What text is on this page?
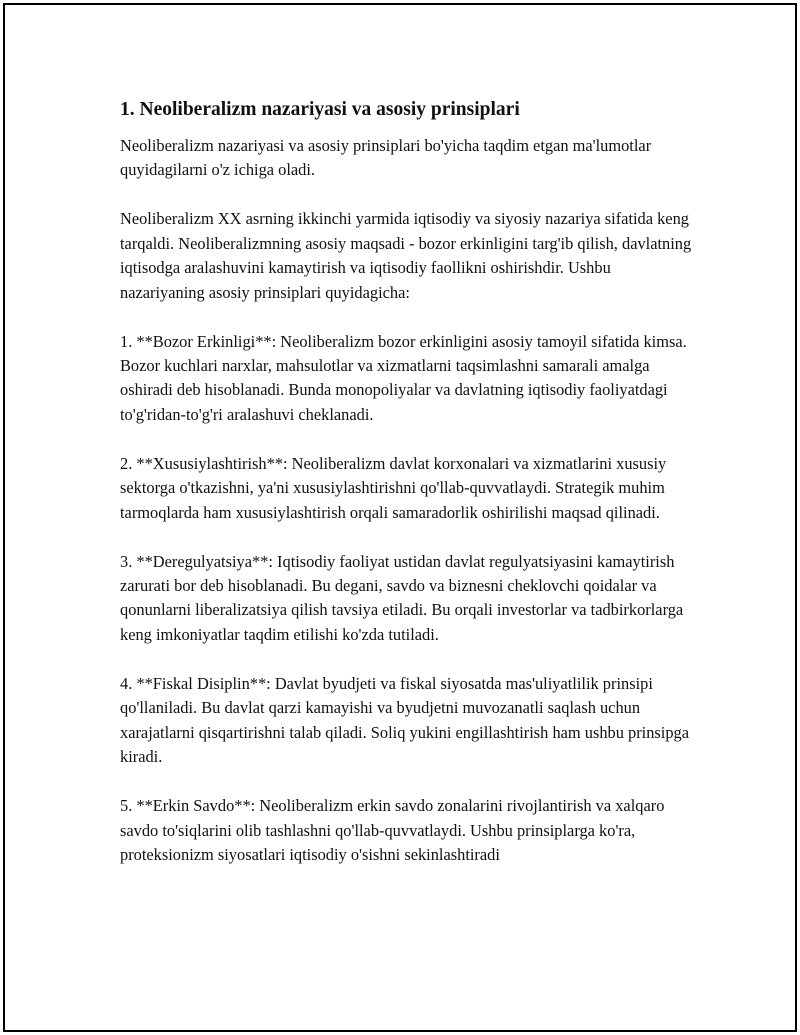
1. Neoliberalizm nazariyasi va asosiy prinsiplari

Neoliberalizm nazariyasi va asosiy prinsiplari bo'yicha taqdim etgan ma'lumotlar quyidagilarni o'z ichiga oladi.

Neoliberalizm XX asrning ikkinchi yarmida iqtisodiy va siyosiy nazariya sifatida keng tarqaldi. Neoliberalizmning asosiy maqsadi - bozor erkinligini targ'ib qilish, davlatning iqtisodga aralashuvini kamaytirish va iqtisodiy faollikni oshirishdir. Ushbu nazariyaning asosiy prinsiplari quyidagicha:

1. **Bozor Erkinligi**: Neoliberalizm bozor erkinligini asosiy tamoyil sifatida kimsa. Bozor kuchlari narxlar, mahsulotlar va xizmatlarni taqsimlashni samarali amalga oshiradi deb hisoblanadi. Bunda monopoliyalar va davlatning iqtisodiy faoliyatdagi to'g'ridan-to'g'ri aralashuvi cheklanadi.

2. **Xususiylashtirish**: Neoliberalizm davlat korxonalari va xizmatlarini xususiy sektorga o'tkazishni, ya'ni xususiylashtirishni qo'llab-quvvatlaydi. Strategik muhim tarmoqlarda ham xususiylashtirish orqali samaradorlik oshirilishi maqsad qilinadi.

3. **Deregulyatsiya**: Iqtisodiy faoliyat ustidan davlat regulyatsiyasini kamaytirish zarurati bor deb hisoblanadi. Bu degani, savdo va biznesni cheklovchi qoidalar va qonunlarni liberalizatsiya qilish tavsiya etiladi. Bu orqali investorlar va tadbirkorlarga keng imkoniyatlar taqdim etilishi ko'zda tutiladi.

4. **Fiskal Disiplin**: Davlat byudjeti va fiskal siyosatda mas'uliyatlilik prinsipi qo'llaniladi. Bu davlat qarzi kamayishi va byudjetni muvozanatli saqlash uchun xarajatlarni qisqartirishni talab qiladi. Soliq yukini engillashtirish ham ushbu prinsipga kiradi.

5. **Erkin Savdo**: Neoliberalizm erkin savdo zonalarini rivojlantirish va xalqaro savdo to'siqlarini olib tashlashni qo'llab-quvvatlaydi. Ushbu prinsiplarga ko'ra, proteksionizm siyosatlari iqtisodiy o'sishni sekinlashtiradi
